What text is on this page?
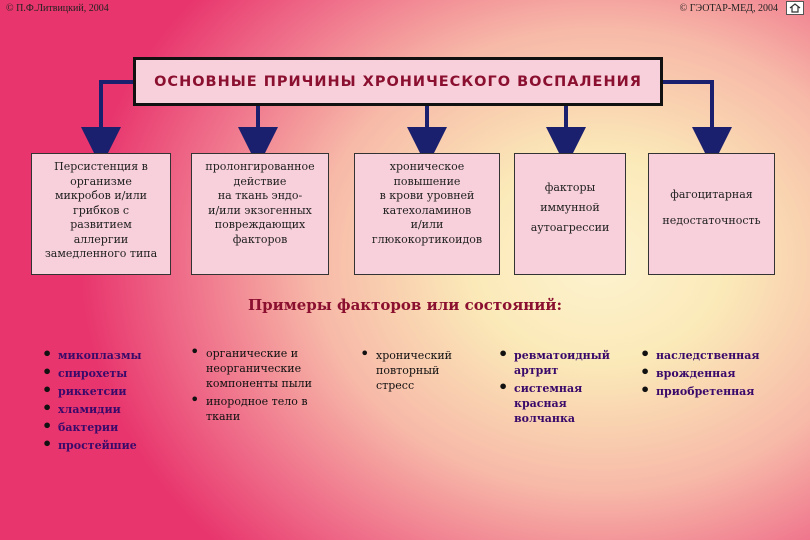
© П.Ф.Литвицкий, 2004	© ГЭОТАР-МЕД, 2004
ОСНОВНЫЕ ПРИЧИНЫ ХРОНИЧЕСКОГО ВОСПАЛЕНИЯ
Персистенция в
организме
микробов и/или
грибков с
развитием
аллергии
замедленного типа
пролонгированное
действие
на ткань эндо-
и/или экзогенных
повреждающих
факторов
хроническое
повышение
в крови уровней
катехоламинов
и/или
глюкокортикоидов
факторы
иммунной
аутоагрессии
фагоцитарная
недостаточность
Примеры факторов или состояний:
• микоплазмы
• спирохеты
• риккетсии
• хламидии
• бактерии
• простейшие
• органические и неорганические компоненты пыли
• инородное тело в ткани
• хронический повторный стресс
• ревматоидный артрит
• системная красная волчанка
• наследственная
• врожденная
• приобретенная
